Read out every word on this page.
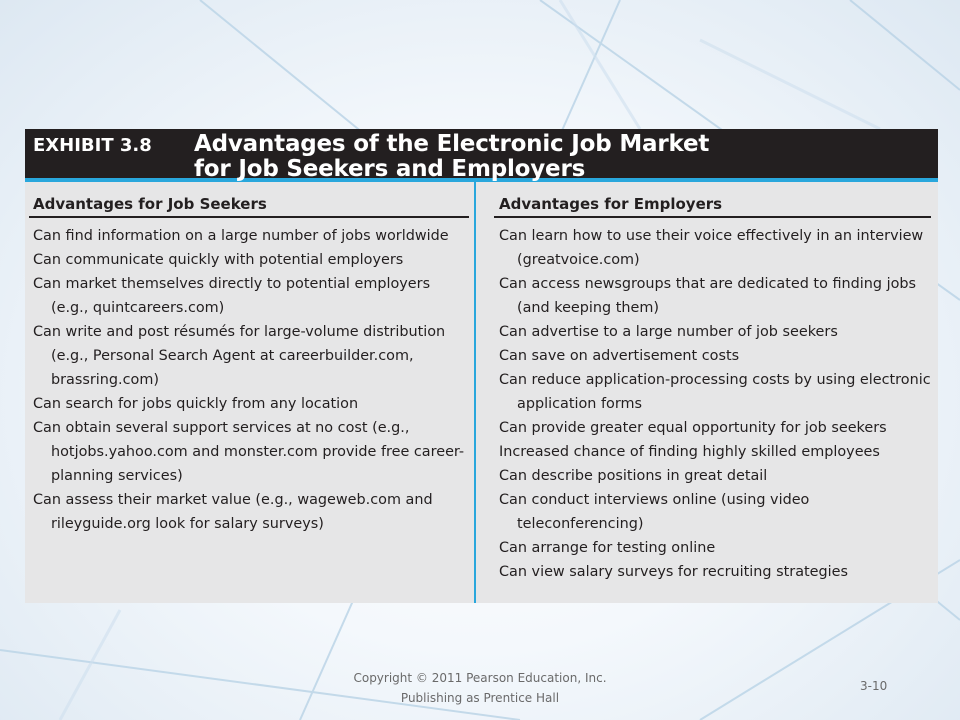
EXHIBIT 3.8 Advantages of the Electronic Job Market
for Job Seekers and Employers
Advantages for Job Seekers
Can find information on a large number of jobs worldwide
Can communicate quickly with potential employers
Can market themselves directly to potential employers (e.g., quintcareers.com)
Can write and post résumés for large-volume distribution (e.g., Personal Search Agent at careerbuilder.com, brassring.com)
Can search for jobs quickly from any location
Can obtain several support services at no cost (e.g., hotjobs.yahoo.com and monster.com provide free career-planning services)
Can assess their market value (e.g., wageweb.com and rileyguide.org look for salary surveys)
Advantages for Employers
Can learn how to use their voice effectively in an interview (greatvoice.com)
Can access newsgroups that are dedicated to finding jobs (and keeping them)
Can advertise to a large number of job seekers
Can save on advertisement costs
Can reduce application-processing costs by using electronic application forms
Can provide greater equal opportunity for job seekers
Increased chance of finding highly skilled employees
Can describe positions in great detail
Can conduct interviews online (using video teleconferencing)
Can arrange for testing online
Can view salary surveys for recruiting strategies
Copyright © 2011 Pearson Education, Inc.
Publishing as Prentice Hall
3-10
